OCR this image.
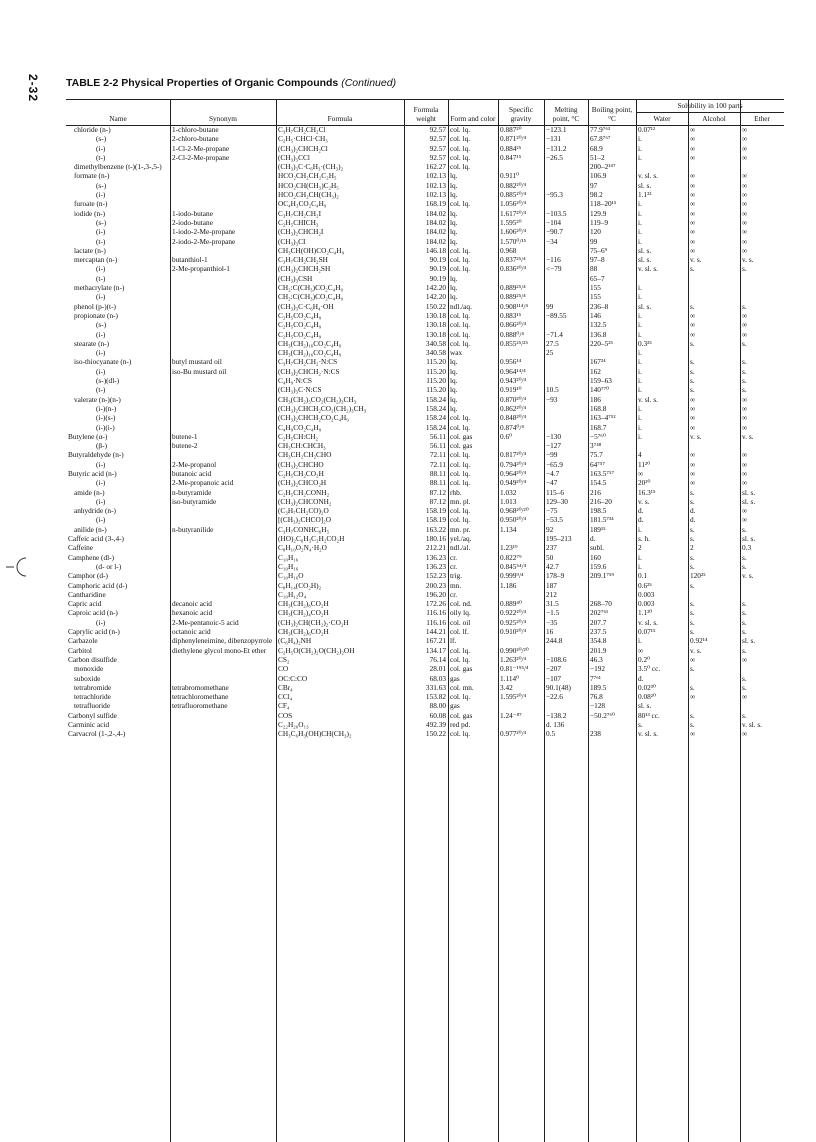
2-32 TABLE 2-2 Physical Properties of Organic Compounds (Continued)
Name	Synonym	Formula	Formula weight	Form and color	Specific gravity	Melting point, °C	Boiling point, °C	Solubility in 100 parts		
								Water	Alcohol	Ether
chloride (n-)	1-chloro-butane	C₃H₇CH₂CH₂Cl	92.57	col. lq.	0.887²⁰	−123.1	77.9⁷⁶³	0.07¹²	∞	∞
(s-)	2-chloro-butane	C₂H₅·CHCl·CH₃	92.57	col. lq.	0.871²⁰/⁴	−131	67.8⁷⁶⁷	i.	∞	∞
(i-)	1-Cl-2-Me-propane	(CH₃)₂CHCH₂Cl	92.57	col. lq.	0.884²⁵	−131.2	68.9	i.	∞	∞
(t-)	2-Cl-2-Me-propane	(CH₃)₃CCl	92.57	col. lq.	0.847¹⁵	−26.5	51–2	i.	∞	∞
dimethylbenzene (t-)(1-,3-,5-)		(CH₃)₃C·C₆H₃·(CH₃)₂	162.27	col. lq.			200–2¹⁴⁷			
formate (n-)		HCO₂CH₂CH₂C₂H₅	102.13	lq.	0.911⁰		106.9	v. sl. s.	∞	∞
(s-)		HCO₂CH(CH₃)C₂H₅	102.13	lq.	0.882²⁰/⁴		97	sl. s.	∞	∞
(i-)		HCO₂CH₂CH(CH₃)₂	102.13	lq.	0.885²⁰/⁴	−95.3	98.2	1.1²²	∞	∞
furoate (n-)		OC₄H₃CO₂C₄H₉	168.19	col. lq.	1.056²⁰/⁴		118–20¹⁵	i.	∞	∞
iodide (n-)	1-iodo-butane	C₃H₇CH₂CH₂I	184.02	lq.	1.617²⁰/⁴	−103.5	129.9	i.	∞	∞
(s-)	2-iodo-butane	C₂H₅CHICH₃	184.02	lq.	1.595²⁰	−104	119–9	i.	∞	∞
(i-)	1-iodo-2-Me-propane	(CH₃)₂CHCH₂I	184.02	lq.	1.606²⁰/⁴	−90.7	120	i.	∞	∞
(t-)	2-iodo-2-Me-propane	(CH₃)₃CI	184.02	lq.	1.570⁰/¹⁵	−34	99	i.	∞	∞
lactate (n-)		CH₃CH(OH)CO₂C₄H₉	146.18	col. lq.	0.968		75–6⁹	sl. s.	∞	∞
mercaptan (n-)	butanthiol-1	C₃H₇CH₂CH₂SH	90.19	col. lq.	0.837²⁵/⁴	−116	97–8	sl. s.	v. s.	v. s.
(i-)	2-Me-propanthiol-1	(CH₃)₂CHCH₂SH	90.19	col. lq.	0.836²⁰/⁴	<−79	88	v. sl. s.	s.	s.
(t-)		(CH₃)₃CSH	90.19	lq.			65–7			
methacrylate (n-)		CH₂:C(CH₃)CO₂C₄H₉	142.20	lq.	0.889²⁵/⁴		155	i.		
(i-)		CH₂:C(CH₃)CO₂C₄H₉	142.20	lq.	0.889²⁵/⁴		155	i.		
phenol (p-)(t-)		(CH₃)₃C·C₆H₄·OH	150.22	ndl./aq.	0.908¹¹⁴/⁴	99	236–8	sl. s.	s.	s.
propionate (n-)		C₂H₅CO₂C₄H₉	130.18	col. lq.	0.883¹⁵	−89.55	146	i.	∞	∞
(s-)		C₂H₅CO₂C₄H₉	130.18	col. lq.	0.866²⁰/⁴		132.5	i.	∞	∞
(i-)		C₂H₅CO₂C₄H₉	130.18	col. lq.	0.888⁰/⁴	−71.4	136.8	i.	∞	∞
stearate (n-)		CH₃(CH₂)₁₆CO₂C₄H₉	340.58	col. lq.	0.855²⁵/²⁵	27.5	220–5²⁵	0.3²⁵	s.	s.
(i-)		CH₃(CH₂)₁₆CO₂C₄H₉	340.58	wax		25		i.		
iso-thiocyanate (n-)	butyl mustard oil	C₃H₇CH₂CH₂·N:CS	115.20	lq.	0.956¹⁴		167²⁴	i.	s.	s.
(i-)	iso-Bu mustard oil	(CH₃)₂CHCH₂·N:CS	115.20	lq.	0.964¹⁴/⁴		162	i.	s.	s.
(s-)(dl-)		C₄H₉·N:CS	115.20	lq.	0.943²⁰/⁴		159–63	i.	s.	s.
(t-)		(CH₃)₃C·N:CS	115.20	lq.	0.919¹⁰	10.5	140⁷⁷⁰	i.	s.	s.
valerate (n-)(n-)		CH₃(CH₂)₃CO₂(CH₂)₃CH₃	158.24	lq.	0.870²⁰/⁴	−93	186	v. sl. s.	∞	∞
(i-)(n-)		(CH₃)₂CHCH₂CO₂(CH₂)₃CH₃	158.24	lq.	0.862²⁰/⁴		168.8	i.	∞	∞
(i-)(s-)		(CH₃)₂CHCH₂CO₂C₄H₉	158.24	col. lq.	0.848²⁰/⁴		163–4⁷⁵²	i.	∞	∞
(i-)(i-)		C₄H₉CO₂C₄H₉	158.24	col. lq.	0.874⁰/⁴		168.7	i.	∞	∞
Butylene (α-)	butene-1	C₂H₅CH:CH₂	56.11	col. gas	0.6⁰	−130	−5⁷⁶⁰	i.	v. s.	v. s.
(β-)	butene-2	CH₃CH:CHCH₃	56.11	col. gas		−127	3⁷⁴⁸			
Butyraldehyde (n-)		CH₃CH₂CH₂CHO	72.11	col. lq.	0.817²⁰/⁴	−99	75.7	4	∞	∞
(i-)	2-Me-propanol	(CH₃)₂CHCHO	72.11	col. lq.	0.794²⁰/⁴	−65.9	64⁷⁵⁷	11²⁰	∞	∞
Butyric acid (n-)	butanoic acid	C₂H₅CH₂CO₂H	88.11	col. lq.	0.964²⁰/⁴	−4.7	163.5⁷⁵⁷	∞	∞	∞
(i-)	2-Me-propanoic acid	(CH₃)₂CHCO₂H	88.11	col. lq.	0.949²⁰/⁴	−47	154.5	20²⁰	∞	∞
amide (n-)	n-butyramide	C₂H₅CH₂CONH₂	87.12	rhb.	1.032	115–6	216	16.3¹⁵	s.	sl. s.
(i-)	iso-butyramide	(CH₃)₂CHCONH₂	87.12	mn. pl.	1.013	129–30	216–20	v. s.	s.	sl. s.
anhydride (n-)		(C₃H₇CH₂CO)₂O	158.19	col. lq.	0.968²⁰/²⁰	−75	198.5	d.	d.	∞
(i-)		[(CH₃)₂CHCO]₂O	158.19	col. lq.	0.950²⁰/⁴	−53.5	181.5⁷³⁴	d.	d.	∞
anilide (n-)	n-butyranilide	C₃H₇CONHC₆H₅	163.22	mn. pr.	1.134	92	189¹⁵	i.	s.	s.
Caffeic acid (3-,4-)		(HO)₂C₆H₃C₂H₂CO₂H	180.16	yel./aq.		195–213	d.	s. h.	s.	sl. s.
Caffeine		C₈H₁₀O₂N₄·H₂O	212.21	ndl./al.	1.23¹⁹	237	subl.	2	2	0.3
Camphene (dl-)		C₁₀H₁₆	136.23	cr.	0.822⁷⁹	50	160	i.	s.	s.
(d- or l-)		C₁₀H₁₆	136.23	cr.	0.845⁵⁴/⁴	42.7	159.6	i.	s.	s.
Camphor (d-)		C₁₀H₁₆O	152.23	trig.	0.999⁹/⁴	178–9	209.1⁷⁵⁹	0.1	120²⁵	v. s.
Camphoric acid (d-)		C₈H₁₄(CO₂H)₂	200.23	mn.	1.186	187		0.6²⁵	s.	
Cantharidine		C₁₀H₁₂O₄	196.20	cr.		212		0.003		
Capric acid	decanoic acid	CH₃(CH₂)₈CO₂H	172.26	col. nd.	0.889⁴⁰	31.5	268–70	0.003	s.	s.
Caproic acid (n-)	hexanoic acid	CH₃(CH₂)₄CO₂H	116.16	oily lq.	0.922²⁰/⁴	−1.5	202⁷⁶¹	1.1²⁰	s.	s.
(i-)	2-Me-pentanoic-5 acid	(CH₃)₂CH(CH₂)₂·CO₂H	116.16	col. oil	0.925²⁰/⁴	−35	207.7	v. sl. s.	s.	s.
Caprylic acid (n-)	octanoic acid	CH₃(CH₂)₆CO₂H	144.21	col. lf.	0.910²⁰/⁴	16	237.5	0.07¹⁵	s.	s.
Carbazole	diphenyleneimine, dibenzopyrrole	(C₆H₄)₂NH	167.21	lf.		244.8	354.8	i.	0.92¹⁴	sl. s.
Carbitol	diethylene glycol mono-Et ether	C₂H₅O(CH₂)₂O(CH₂)₂OH	134.17	col. lq.	0.990²⁰/²⁰		201.9	∞	v. s.	s.
Carbon disulfide		CS₂	76.14	col. lq.	1.263²⁰/⁴	−108.6	46.3	0.2⁰	∞	∞
monoxide		CO	28.01	col. gas	0.81⁻¹⁹⁵/⁴	−207	−192	3.5⁰ cc.	s.	
suboxide		OC:C:CO	68.03	gas	1.114⁰	−107	7⁷⁶¹	d.		s.
tetrabromide	tetrabromomethane	CBr₄	331.63	col. mn.	3.42	90.1(48)	189.5	0.02³⁰	s.	s.
tetrachloride	tetrachloromethane	CCl₄	153.82	col. lq.	1.595²⁰/⁴	−22.6	76.8	0.08²⁰	∞	∞
tetrafluoride	tetrafluoromethane	CF₄	88.00	gas			−128	sl. s.		
Carbonyl sulfide		COS	60.08	col. gas	1.24⁻⁸⁷	−138.2	−50.2⁷⁶⁰	80¹³ cc.	s.	s.
Carminic acid		C₂₂H₂₀O₁₃	492.39	red pd.		d. 136		s.	s.	v. sl. s.
Carvacrol (1-,2-,4-)		CH₃C₆H₃(OH)CH(CH₃)₂	150.22	col. lq.	0.977²⁰/⁴	0.5	238	v. sl. s.	∞	∞
